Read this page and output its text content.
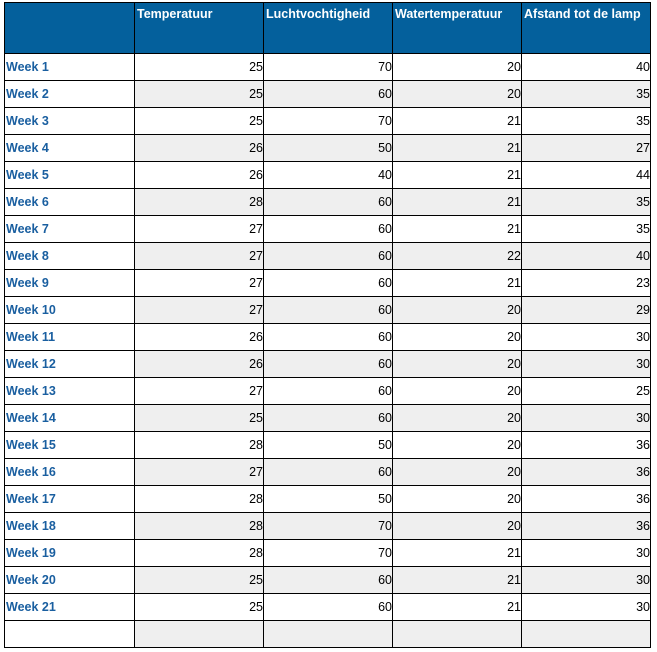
	Temperatuur	Luchtvochtigheid	Watertemperatuur	Afstand tot de lamp
Week 1	25	70	20	40
Week 2	25	60	20	35
Week 3	25	70	21	35
Week 4	26	50	21	27
Week 5	26	40	21	44
Week 6	28	60	21	35
Week 7	27	60	21	35
Week 8	27	60	22	40
Week 9	27	60	21	23
Week 10	27	60	20	29
Week 11	26	60	20	30
Week 12	26	60	20	30
Week 13	27	60	20	25
Week 14	25	60	20	30
Week 15	28	50	20	36
Week 16	27	60	20	36
Week 17	28	50	20	36
Week 18	28	70	20	36
Week 19	28	70	21	30
Week 20	25	60	21	30
Week 21	25	60	21	30
